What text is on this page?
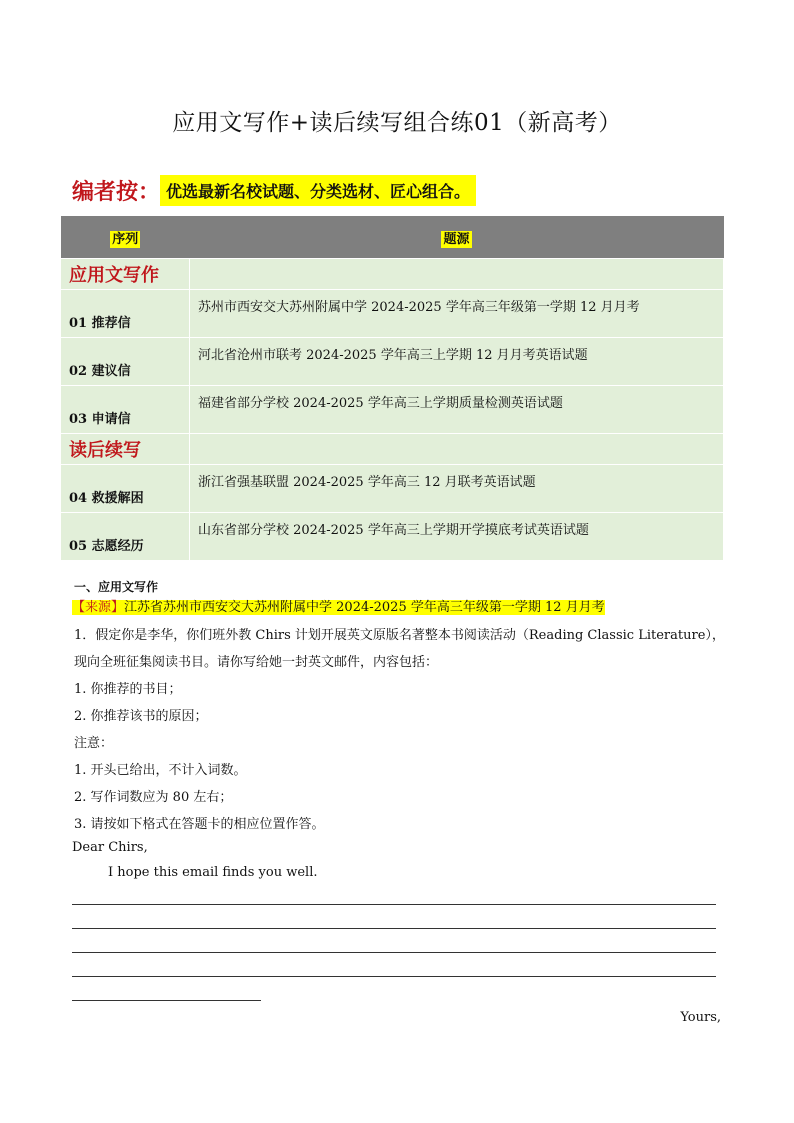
应用文写作+读后续写组合练01（新高考）
编者按： 优选最新名校试题、分类选材、匠心组合。
序列	题源
应用文写作	
01 推荐信	苏州市西安交大苏州附属中学 2024-2025 学年高三年级第一学期 12 月月考
02 建议信	河北省沧州市联考 2024-2025 学年高三上学期 12 月月考英语试题
03 申请信	福建省部分学校 2024-2025 学年高三上学期质量检测英语试题
读后续写	
04 救援解困	浙江省强基联盟 2024-2025 学年高三 12 月联考英语试题
05 志愿经历	山东省部分学校 2024-2025 学年高三上学期开学摸底考试英语试题
一、应用文写作
【来源】江苏省苏州市西安交大苏州附属中学 2024-2025 学年高三年级第一学期 12 月月考
1．假定你是李华，你们班外教 Chirs 计划开展英文原版名著整本书阅读活动（Reading Classic Literature），
现向全班征集阅读书目。请你写给她一封英文邮件，内容包括：
1. 你推荐的书目；
2. 你推荐该书的原因；
注意：
1. 开头已给出，不计入词数。
2. 写作词数应为 80 左右；
3. 请按如下格式在答题卡的相应位置作答。
Dear Chirs,
I hope this email finds you well.
Yours,
